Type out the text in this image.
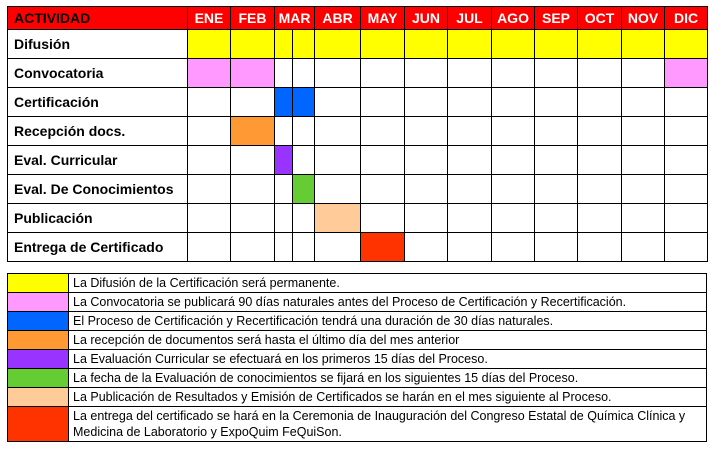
ACTIVIDAD	ENE	FEB	MAR		ABR	MAY	JUN	JUL	AGO	SEP	OCT	NOV	DIC
Difusión													
Convocatoria													
Certificación													
Recepción docs.													
Eval. Curricular													
Eval. De Conocimientos													
Publicación													
Entrega de Certificado													
	La Difusión de la Certificación será permanente.
	La Convocatoria se publicará 90 días naturales antes del Proceso de Certificación y Recertificación.
	El Proceso de Certificación y Recertificación tendrá una duración de 30 días naturales.
	La recepción de documentos será hasta el último día del mes anterior
	La Evaluación Curricular se efectuará en los primeros 15 días del Proceso.
	La fecha de la Evaluación de conocimientos se fijará en los siguientes 15 días del Proceso.
	La Publicación de Resultados y Emisión de Certificados se harán en el mes siguiente al Proceso.
	La entrega del certificado se hará en la Ceremonia de Inauguración del Congreso Estatal de Química Clínica y Medicina de Laboratorio y ExpoQuim FeQuiSon.
